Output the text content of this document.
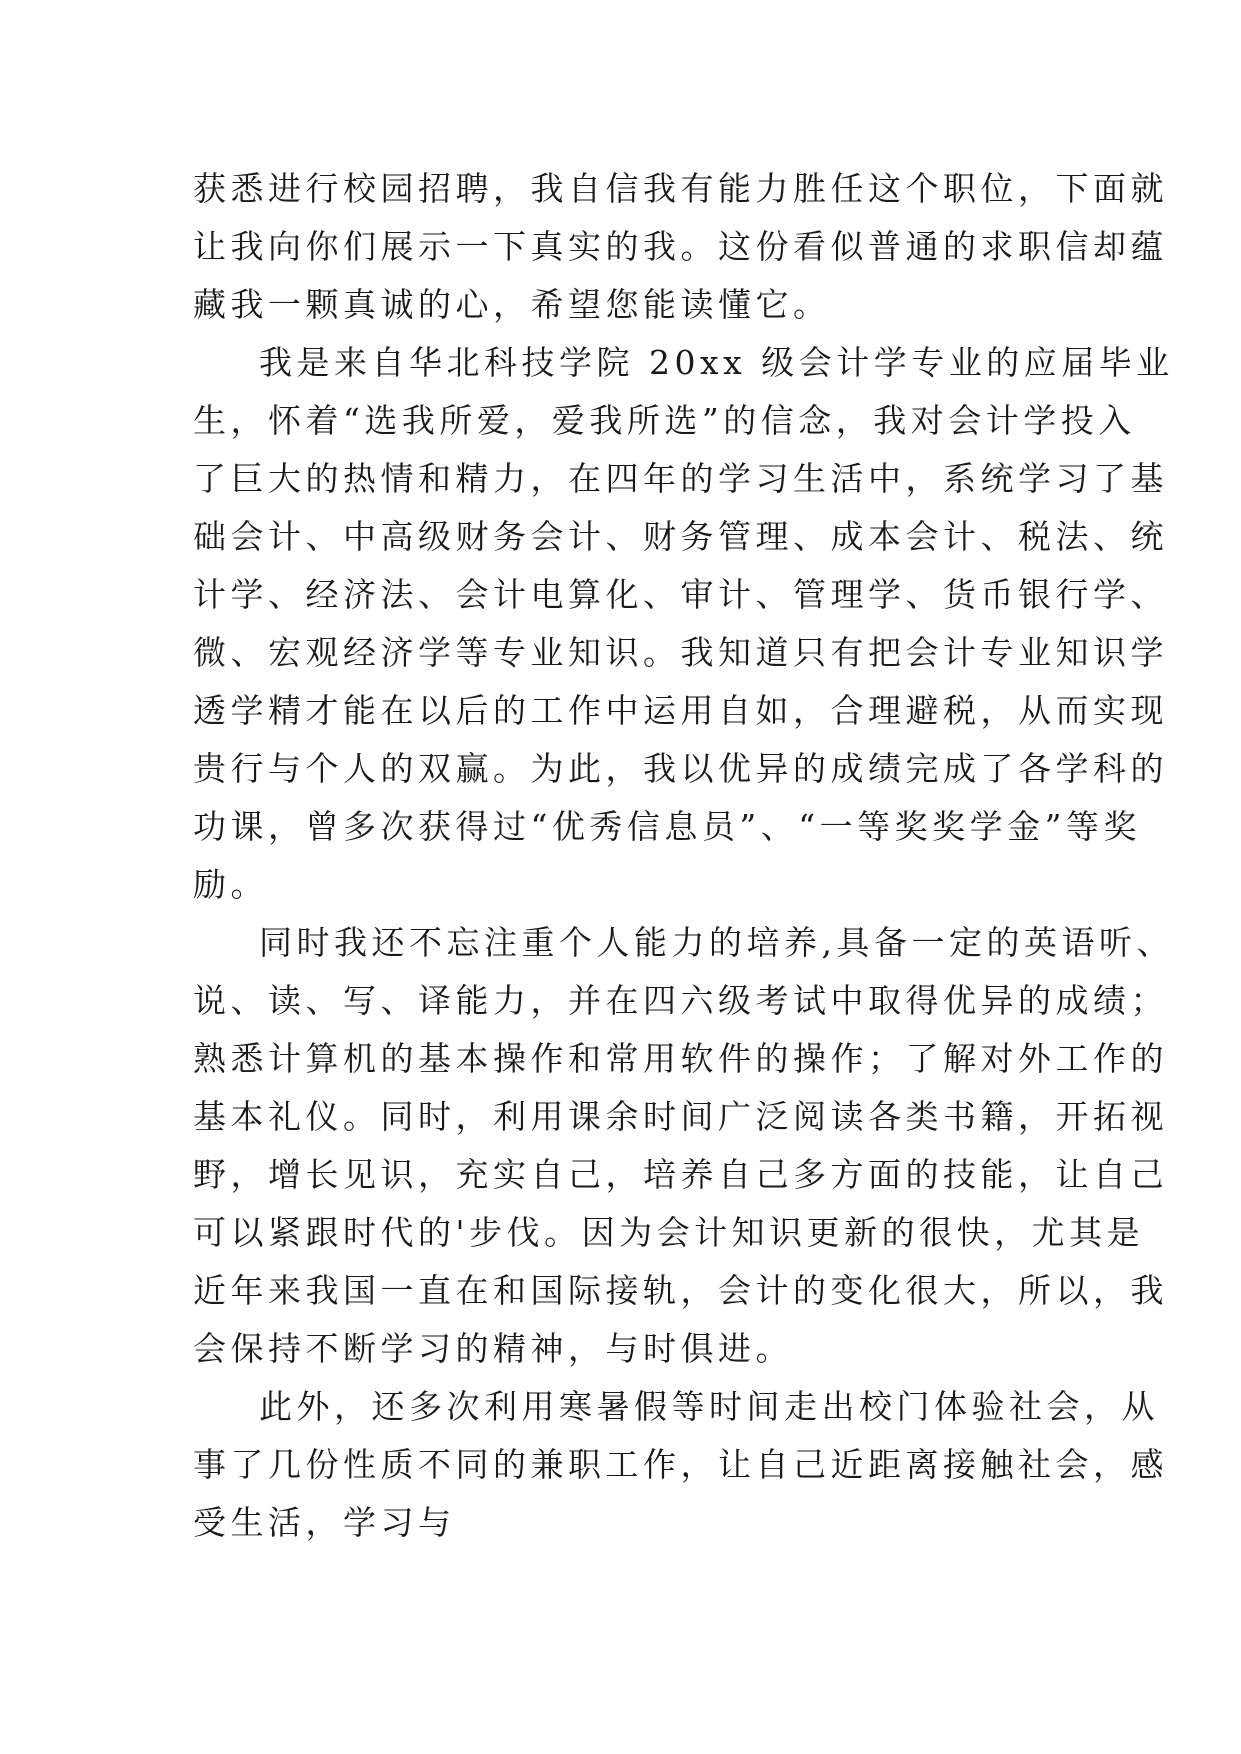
获悉进行校园招聘，我自信我有能力胜任这个职位，下面就
让我向你们展示一下真实的我。这份看似普通的求职信却蕴
藏我一颗真诚的心，希望您能读懂它。
我是来自华北科技学院 20xx 级会计学专业的应届毕业
生，怀着“选我所爱，爱我所选”的信念，我对会计学投入
了巨大的热情和精力，在四年的学习生活中，系统学习了基
础会计、中高级财务会计、财务管理、成本会计、税法、统
计学、经济法、会计电算化、审计、管理学、货币银行学、
微、宏观经济学等专业知识。我知道只有把会计专业知识学
透学精才能在以后的工作中运用自如，合理避税，从而实现
贵行与个人的双赢。为此，我以优异的成绩完成了各学科的
功课，曾多次获得过“优秀信息员”、“一等奖奖学金”等奖
励。
同时我还不忘注重个人能力的培养,具备一定的英语听、
说、读、写、译能力，并在四六级考试中取得优异的成绩；
熟悉计算机的基本操作和常用软件的操作；了解对外工作的
基本礼仪。同时，利用课余时间广泛阅读各类书籍，开拓视
野，增长见识，充实自己，培养自己多方面的技能，让自己
可以紧跟时代的'步伐。因为会计知识更新的很快，尤其是
近年来我国一直在和国际接轨，会计的变化很大，所以，我
会保持不断学习的精神，与时俱进。
此外，还多次利用寒暑假等时间走出校门体验社会，从
事了几份性质不同的兼职工作，让自己近距离接触社会，感
受生活，学习与
